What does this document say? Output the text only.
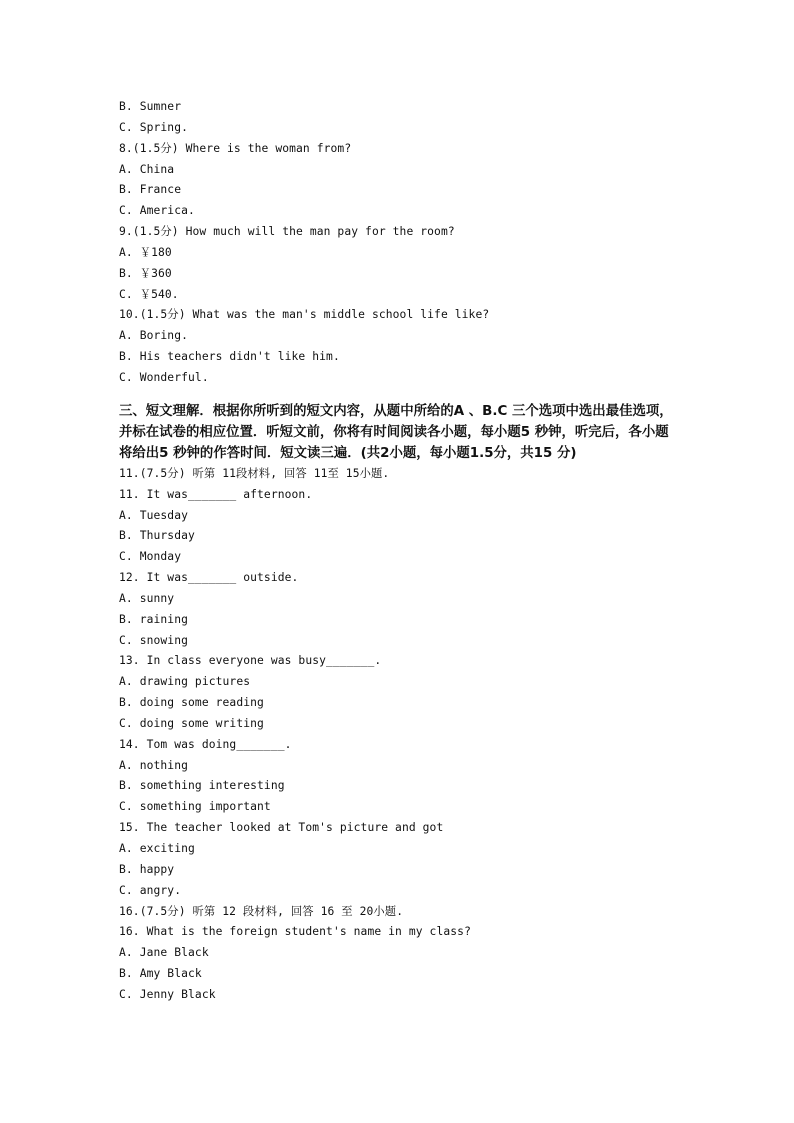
B. Sumner
C. Spring.
8.(1.5分) Where is the woman from?
A. China
B. France
C. America.
9.(1.5分) How much will the man pay for the room?
A. ￥180
B. ￥360
C. ￥540.
10.(1.5分) What was the man's middle school life like?
A. Boring.
B. His teachers didn't like him.
C. Wonderful.
三、短文理解．根据你所听到的短文内容，从题中所给的A 、B.C 三个选项中选出最佳选项，并标在试卷的相应位置．听短文前，你将有时间阅读各小题，每小题5 秒钟，听完后，各小题将给出5 秒钟的作答时间．短文读三遍．(共2小题，每小题1.5分，共15 分)
11.(7.5分) 听第 11段材料, 回答 11至 15小题.
11. It was_______ afternoon.
A. Tuesday
B. Thursday
C. Monday
12. It was_______ outside.
A. sunny
B. raining
C. snowing
13. In class everyone was busy_______.
A. drawing pictures
B. doing some reading
C. doing some writing
14. Tom was doing_______.
A. nothing
B. something interesting
C. something important
15. The teacher looked at Tom's picture and got
A. exciting
B. happy
C. angry.
16.(7.5分) 听第 12 段材料, 回答 16 至 20小题.
16. What is the foreign student's name in my class?
A. Jane Black
B. Amy Black
C. Jenny Black
